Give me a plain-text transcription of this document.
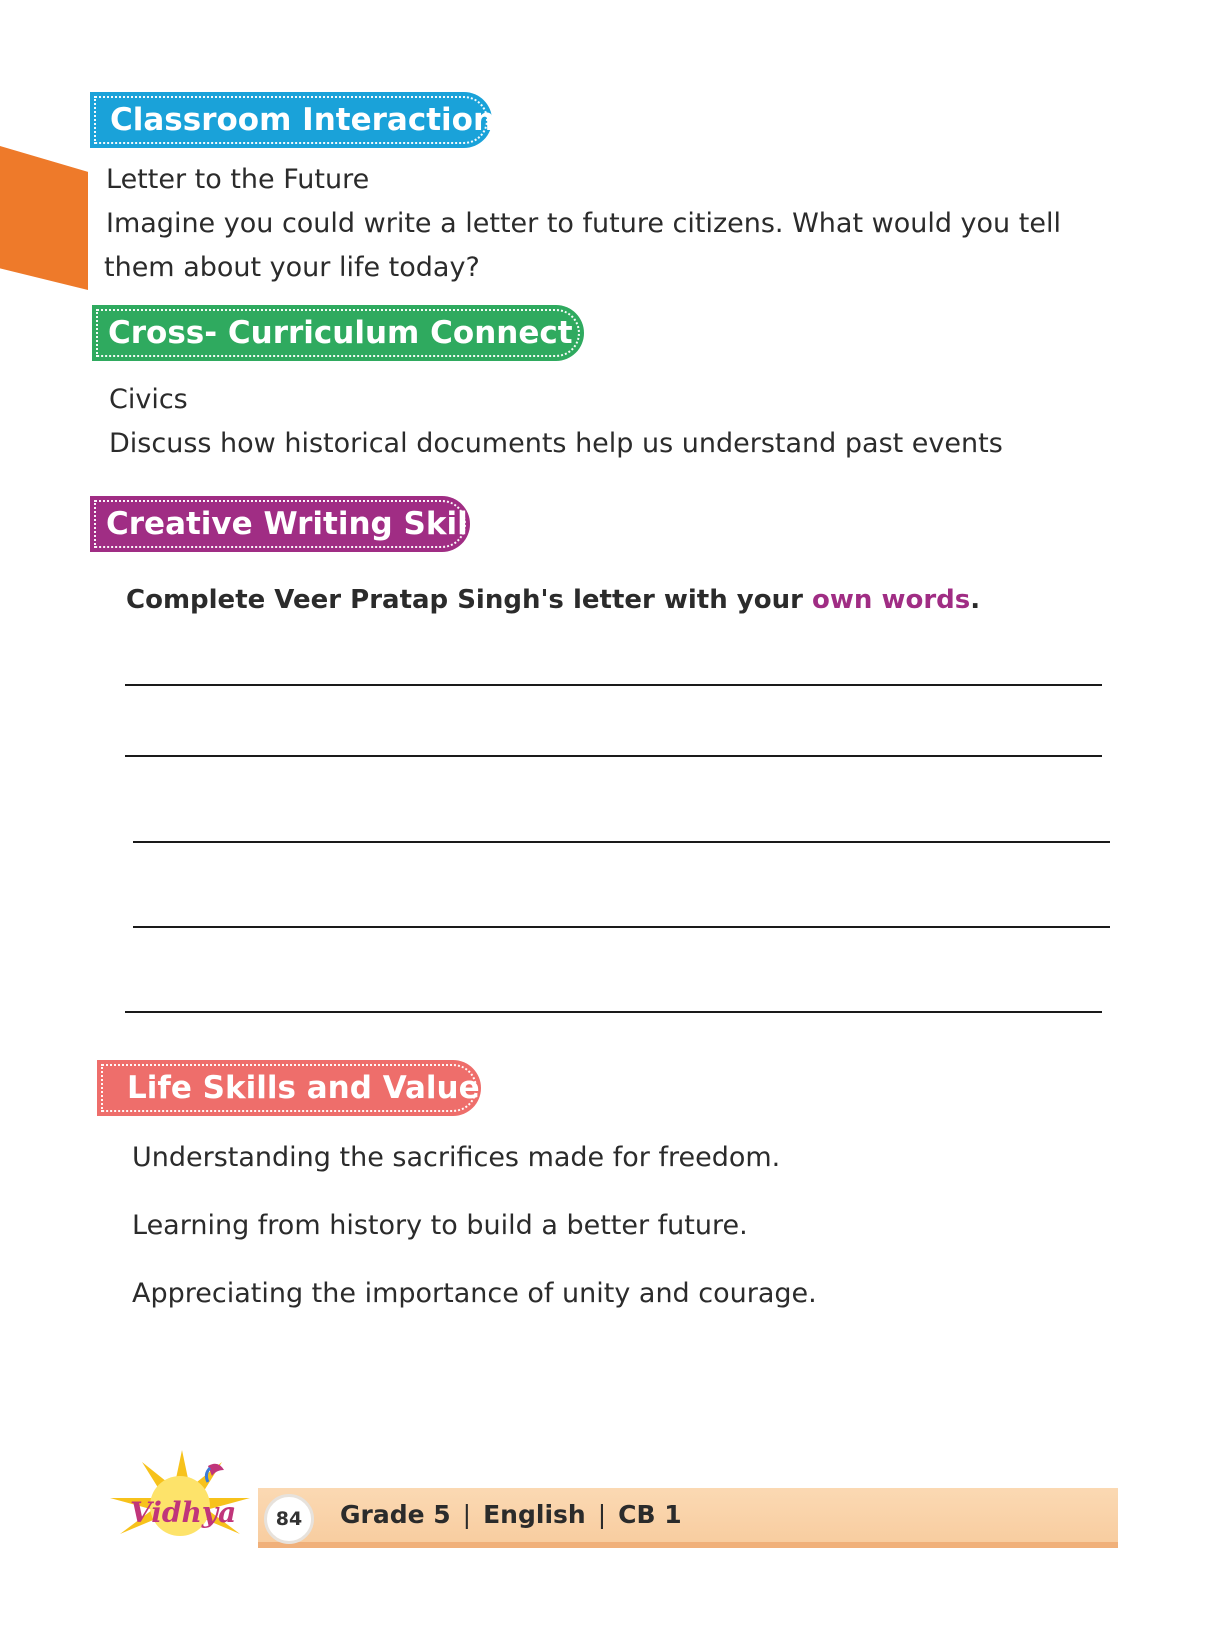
Classroom Interaction

Letter to the Future

Imagine you could write a letter to future citizens. What would you tell

them about your life today?

Cross- Curriculum Connect

Civics

Discuss how historical documents help us understand past events

Creative Writing Skills
Complete Veer Pratap Singh's letter with your own words.
Life Skills and Values

Understanding the sacrifices made for freedom.

Learning from history to build a better future.

Appreciating the importance of unity and courage.

Vidhya	84	Grade 5 | English | CB 1
